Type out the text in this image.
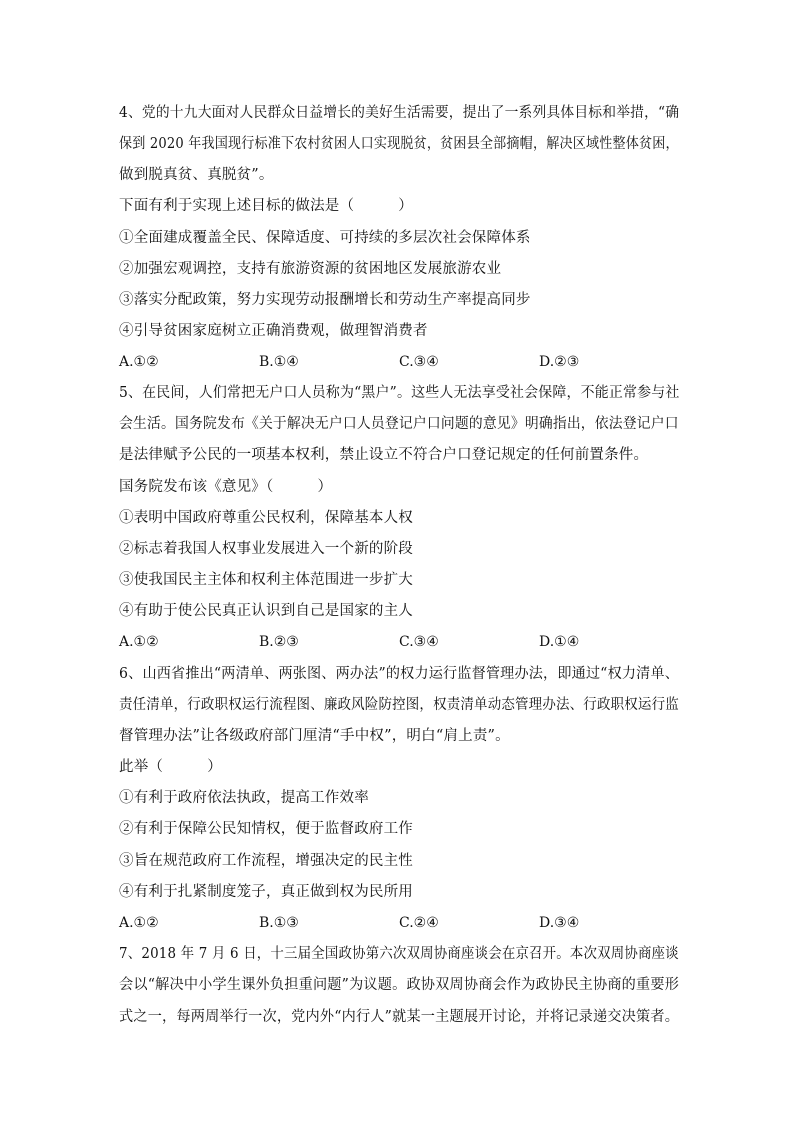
4、党的十九大面对人民群众日益增长的美好生活需要，提出了一系列具体目标和举措，“确
保到 2020 年我国现行标准下农村贫困人口实现脱贫，贫困县全部摘帽，解决区域性整体贫困，
做到脱真贫、真脱贫”。
下面有利于实现上述目标的做法是（　　　）
①全面建成覆盖全民、保障适度、可持续的多层次社会保障体系
②加强宏观调控，支持有旅游资源的贫困地区发展旅游农业
③落实分配政策，努力实现劳动报酬增长和劳动生产率提高同步
④引导贫困家庭树立正确消费观，做理智消费者
A.①②	B.①④	C.③④	D.②③
5、在民间，人们常把无户口人员称为“黑户”。这些人无法享受社会保障，不能正常参与社
会生活。国务院发布《关于解决无户口人员登记户口问题的意见》明确指出，依法登记户口
是法律赋予公民的一项基本权利，禁止设立不符合户口登记规定的任何前置条件。
国务院发布该《意见》（　　　）
①表明中国政府尊重公民权利，保障基本人权
②标志着我国人权事业发展进入一个新的阶段
③使我国民主主体和权利主体范围进一步扩大
④有助于使公民真正认识到自己是国家的主人
A.①②	B.②③	C.③④	D.①④
6、山西省推出“两清单、两张图、两办法”的权力运行监督管理办法，即通过“权力清单、
责任清单，行政职权运行流程图、廉政风险防控图，权责清单动态管理办法、行政职权运行监
督管理办法”让各级政府部门厘清“手中权”，明白“肩上责”。
此举（　　　）
①有利于政府依法执政，提高工作效率
②有利于保障公民知情权，便于监督政府工作
③旨在规范政府工作流程，增强决定的民主性
④有利于扎紧制度笼子，真正做到权为民所用
A.①②	B.①③	C.②④	D.③④
7、2018 年 7 月 6 日，十三届全国政协第六次双周协商座谈会在京召开。本次双周协商座谈
会以“解决中小学生课外负担重问题”为议题。政协双周协商会作为政协民主协商的重要形
式之一，每两周举行一次，党内外“内行人”就某一主题展开讨论，并将记录递交决策者。
